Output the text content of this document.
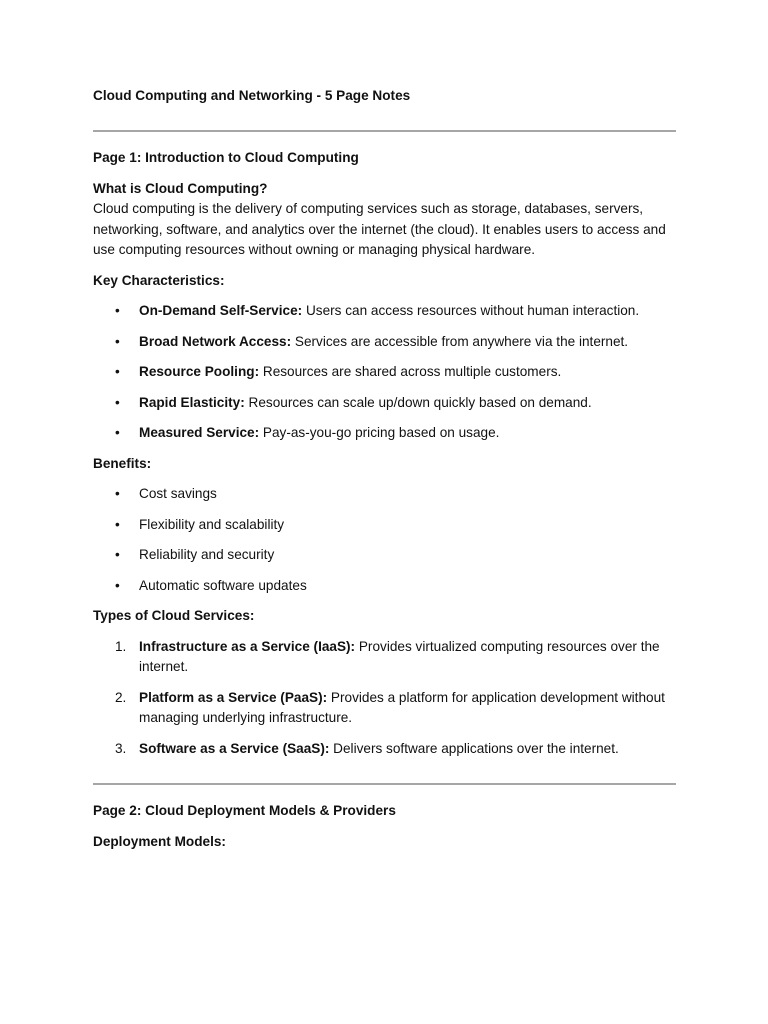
Cloud Computing and Networking - 5 Page Notes

Page 1: Introduction to Cloud Computing

What is Cloud Computing?

Cloud computing is the delivery of computing services such as storage, databases, servers, networking, software, and analytics over the internet (the cloud). It enables users to access and use computing resources without owning or managing physical hardware.

Key Characteristics:

• On-Demand Self-Service: Users can access resources without human interaction.
• Broad Network Access: Services are accessible from anywhere via the internet.
• Resource Pooling: Resources are shared across multiple customers.
• Rapid Elasticity: Resources can scale up/down quickly based on demand.
• Measured Service: Pay-as-you-go pricing based on usage.

Benefits:

• Cost savings
• Flexibility and scalability
• Reliability and security
• Automatic software updates

Types of Cloud Services:

1. Infrastructure as a Service (IaaS): Provides virtualized computing resources over the internet.
2. Platform as a Service (PaaS): Provides a platform for application development without managing underlying infrastructure.
3. Software as a Service (SaaS): Delivers software applications over the internet.

Page 2: Cloud Deployment Models & Providers

Deployment Models:
